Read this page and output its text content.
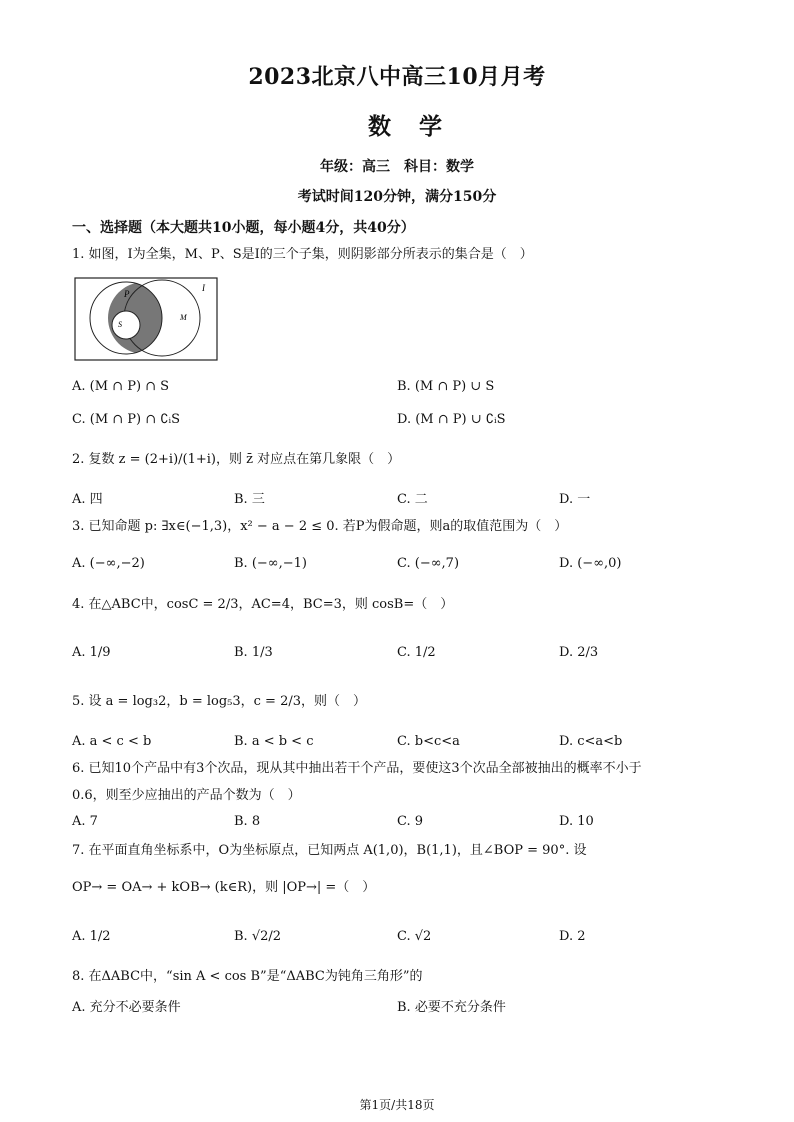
2023北京八中高三10月月考
数学
年级：高三　科目：数学
考试时间120分钟，满分150分
一、选择题（本大题共10小题，每小题4分，共40分）
1. 如图，I为全集，M、P、S是I的三个子集，则阴影部分所表示的集合是（　）
P
I
S
M
A. (M ∩ P) ∩ S	B. (M ∩ P) ∪ S
C. (M ∩ P) ∩ ∁ᵢS	D. (M ∩ P) ∪ ∁ᵢS
2. 复数 z = (2+i)/(1+i)，则 z̄ 对应点在第几象限（　）
A. 四	B. 三	C. 二	D. 一
3. 已知命题 p: ∃x∈(−1,3)，x² − a − 2 ≤ 0. 若P为假命题，则a的取值范围为（　）
A. (−∞,−2)	B. (−∞,−1)	C. (−∞,7)	D. (−∞,0)
4. 在△ABC中，cosC = 2/3，AC=4，BC=3，则 cosB=（　）
A. 1/9	B. 1/3	C. 1/2	D. 2/3
5. 设 a = log₃2，b = log₅3，c = 2/3，则（　）
A. a < c < b	B. a < b < c	C. b<c<a	D. c<a<b
6. 已知10个产品中有3个次品，现从其中抽出若干个产品，要使这3个次品全部被抽出的概率不小于
0.6，则至少应抽出的产品个数为（　）
A. 7	B. 8	C. 9	D. 10
7. 在平面直角坐标系中，O为坐标原点，已知两点 A(1,0)，B(1,1)，且∠BOP = 90°. 设
OP→ = OA→ + kOB→ (k∈R)，则 |OP→| =（　）
A. 1/2	B. √2/2	C. √2	D. 2
8. 在ΔABC中，“sin A < cos B”是“ΔABC为钝角三角形”的
A. 充分不必要条件	B. 必要不充分条件
第1页/共18页
